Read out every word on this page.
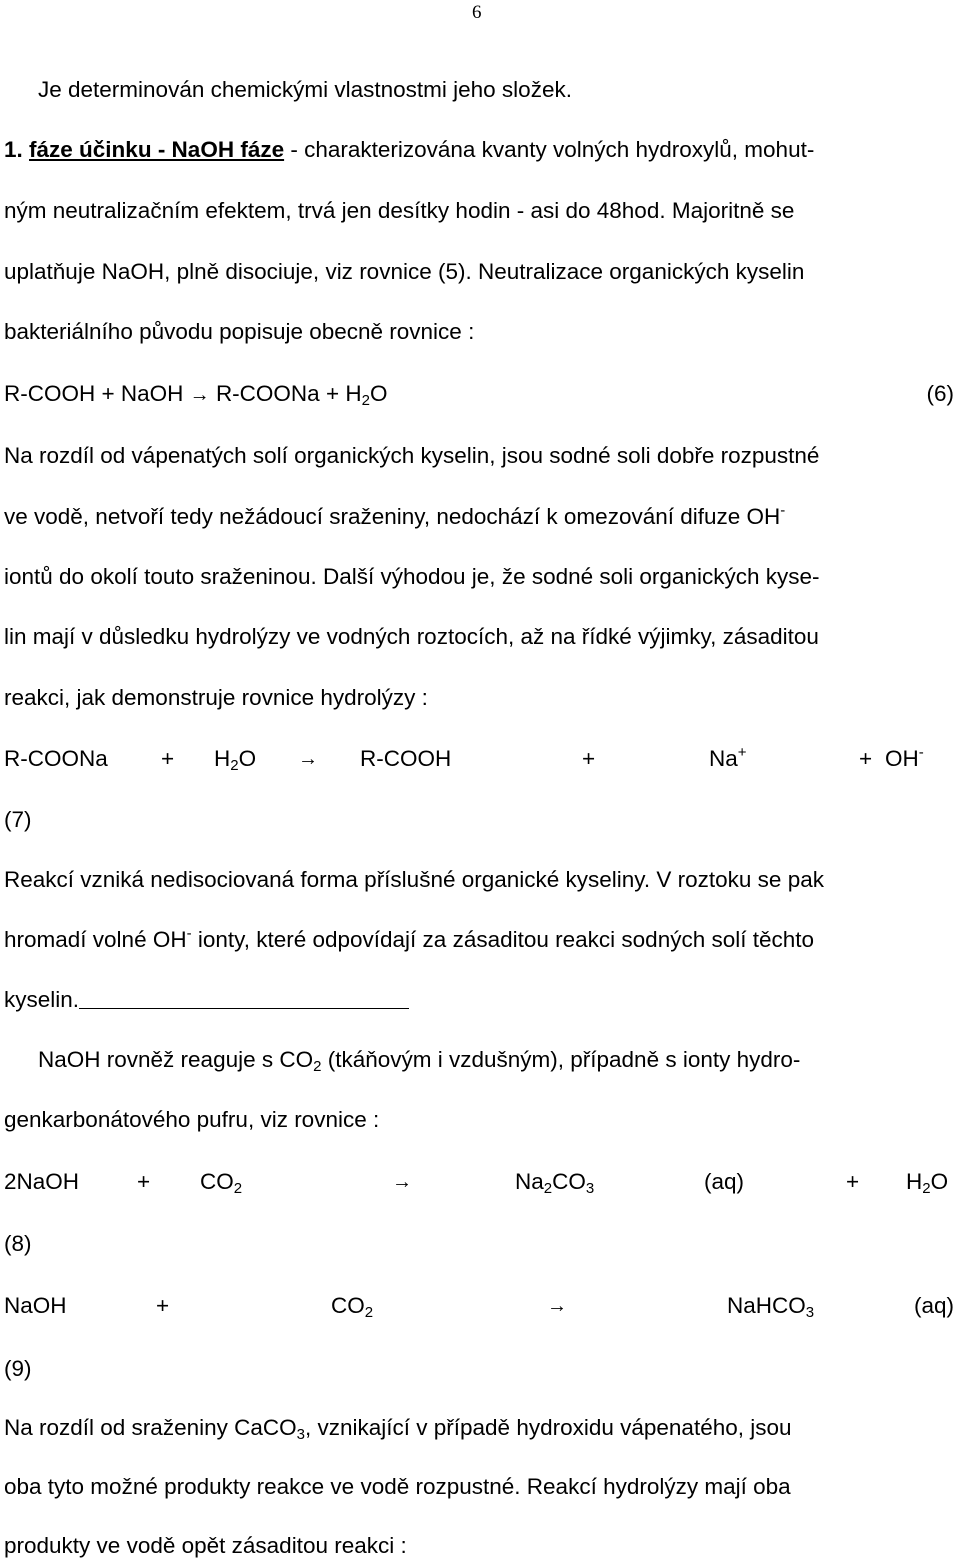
6
Je determinován chemickými vlastnostmi jeho složek.
1. fáze účinku - NaOH fáze - charakterizována kvanty volných hydroxylů, mohut-
ným neutralizačním efektem, trvá jen desítky hodin - asi do 48hod. Majoritně se
uplatňuje NaOH, plně disociuje, viz rovnice (5). Neutralizace organických kyselin
bakteriálního původu popisuje obecně rovnice :
R-COOH + NaOH → R-COONa + $H_2O$	(6)
Na rozdíl od vápenatých solí organických kyselin, jsou sodné soli dobře rozpustné
ve vodě, netvoří tedy nežádoucí sraženiny, nedochází k omezování difuze OH-
iontů do okolí touto sraženinou. Další výhodou je, že sodné soli organických kyse-
lin mají v důsledku hydrolýzy ve vodných roztocích, až na řídké výjimky, zásaditou
reakci, jak demonstruje rovnice hydrolýzy :
R-COONa + $H_2O$ → R-COOH	+	Na+	+ OH-
(7)
Reakcí vzniká nedisociovaná forma příslušné organické kyseliny. V roztoku se pak
hromadí volné OH- ionty, které odpovídají za zásaditou reakci sodných solí těchto
kyselin.
NaOH rovněž reaguje s $CO_2$ (tkáňovým i vzdušným), případně s ionty hydro-
genkarbonátového pufru, viz rovnice :
2NaOH	+ $CO_2$	→	$Na_2CO_3$	(aq)	+ $H_2O$
(8)
NaOH	+	$CO_2$	→	NaHCO$_3$	(aq)
(9)
Na rozdíl od sraženiny CaCO$_3$, vznikající v případě hydroxidu vápenatého, jsou
oba tyto možné produkty reakce ve vodě rozpustné. Reakcí hydrolýzy mají oba
produkty ve vodě opět zásaditou reakci :
